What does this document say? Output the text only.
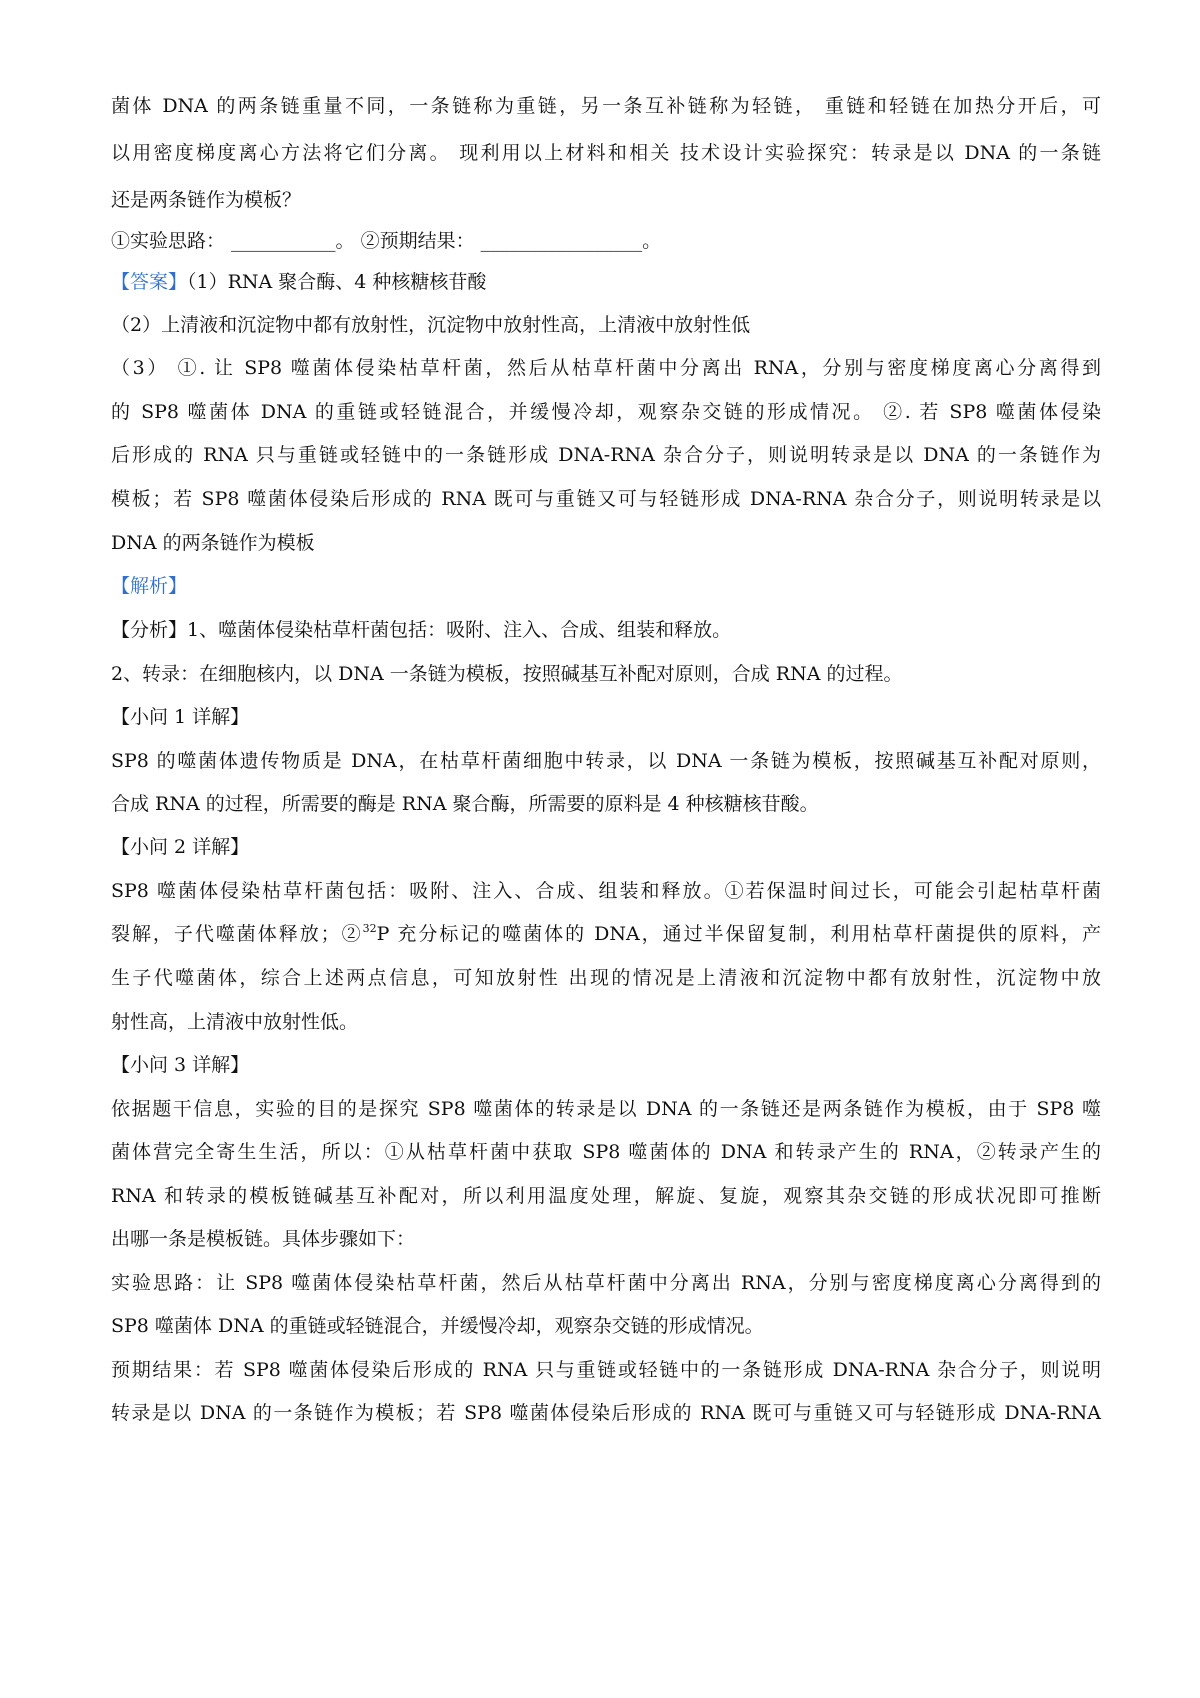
菌体 DNA 的两条链重量不同，一条链称为重链，另一条互补链称为轻链， 重链和轻链在加热分开后，可
以用密度梯度离心方法将它们分离。 现利用以上材料和相关 技术设计实验探究：转录是以 DNA 的一条链
还是两条链作为模板？
①实验思路： ___________。 ②预期结果： _________________。
【答案】（1）RNA 聚合酶、4 种核糖核苷酸
（2）上清液和沉淀物中都有放射性，沉淀物中放射性高，上清液中放射性低
（3） ①. 让 SP8 噬菌体侵染枯草杆菌，然后从枯草杆菌中分离出 RNA，分别与密度梯度离心分离得到
的 SP8 噬菌体 DNA 的重链或轻链混合，并缓慢冷却，观察杂交链的形成情况。 ②. 若 SP8 噬菌体侵染
后形成的 RNA 只与重链或轻链中的一条链形成 DNA-RNA 杂合分子，则说明转录是以 DNA 的一条链作为
模板；若 SP8 噬菌体侵染后形成的 RNA 既可与重链又可与轻链形成 DNA-RNA 杂合分子，则说明转录是以
DNA 的两条链作为模板
【解析】
【分析】1、噬菌体侵染枯草杆菌包括：吸附、注入、合成、组装和释放。
2、转录：在细胞核内，以 DNA 一条链为模板，按照碱基互补配对原则，合成 RNA 的过程。
【小问 1 详解】
SP8 的噬菌体遗传物质是 DNA，在枯草杆菌细胞中转录，以 DNA 一条链为模板，按照碱基互补配对原则，
合成 RNA 的过程，所需要的酶是 RNA 聚合酶，所需要的原料是 4 种核糖核苷酸。
【小问 2 详解】
SP8 噬菌体侵染枯草杆菌包括：吸附、注入、合成、组装和释放。①若保温时间过长，可能会引起枯草杆菌
裂解，子代噬菌体释放；②$^{32}$P 充分标记的噬菌体的 DNA，通过半保留复制，利用枯草杆菌提供的原料，产
生子代噬菌体，综合上述两点信息，可知放射性 出现的情况是上清液和沉淀物中都有放射性，沉淀物中放
射性高，上清液中放射性低。
【小问 3 详解】
依据题干信息，实验的目的是探究 SP8 噬菌体的转录是以 DNA 的一条链还是两条链作为模板，由于 SP8 噬
菌体营完全寄生生活，所以：①从枯草杆菌中获取 SP8 噬菌体的 DNA 和转录产生的 RNA，②转录产生的
RNA 和转录的模板链碱基互补配对，所以利用温度处理，解旋、复旋，观察其杂交链的形成状况即可推断
出哪一条是模板链。具体步骤如下：
实验思路：让 SP8 噬菌体侵染枯草杆菌，然后从枯草杆菌中分离出 RNA，分别与密度梯度离心分离得到的
SP8 噬菌体 DNA 的重链或轻链混合，并缓慢冷却，观察杂交链的形成情况。
预期结果：若 SP8 噬菌体侵染后形成的 RNA 只与重链或轻链中的一条链形成 DNA-RNA 杂合分子，则说明
转录是以 DNA 的一条链作为模板；若 SP8 噬菌体侵染后形成的 RNA 既可与重链又可与轻链形成 DNA-RNA
